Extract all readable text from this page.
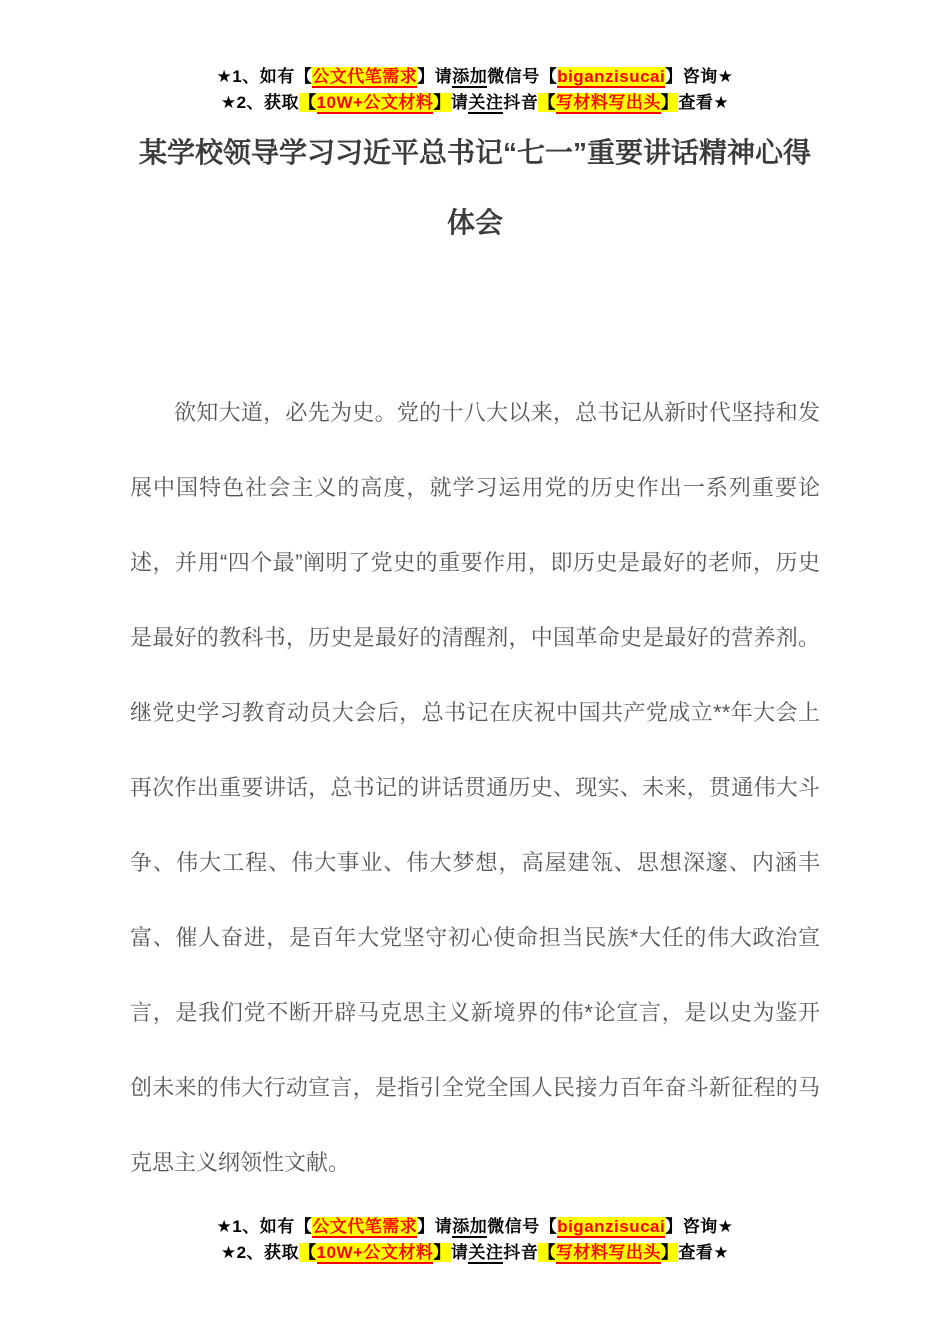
★1、如有【公文代笔需求】请添加微信号【biganzisucai】咨询★
★2、获取【10W+公文材料】请关注抖音【写材料写出头】查看★
某学校领导学习习近平总书记“七一”重要讲话精神心得
体会

欲知大道，必先为史。党的十八大以来，总书记从新时代坚持和发展中国特色社会主义的高度，就学习运用党的历史作出一系列重要论述，并用“四个最”阐明了党史的重要作用，即历史是最好的老师，历史是最好的教科书，历史是最好的清醒剂，中国革命史是最好的营养剂。继党史学习教育动员大会后，总书记在庆祝中国共产党成立**年大会上再次作出重要讲话，总书记的讲话贯通历史、现实、未来，贯通伟大斗争、伟大工程、伟大事业、伟大梦想，高屋建瓴、思想深邃、内涵丰富、催人奋进，是百年大党坚守初心使命担当民族*大任的伟大政治宣言，是我们党不断开辟马克思主义新境界的伟*论宣言，是以史为鉴开创未来的伟大行动宣言，是指引全党全国人民接力百年奋斗新征程的马克思主义纲领性文献。

★1、如有【公文代笔需求】请添加微信号【biganzisucai】咨询★
★2、获取【10W+公文材料】请关注抖音【写材料写出头】查看★
